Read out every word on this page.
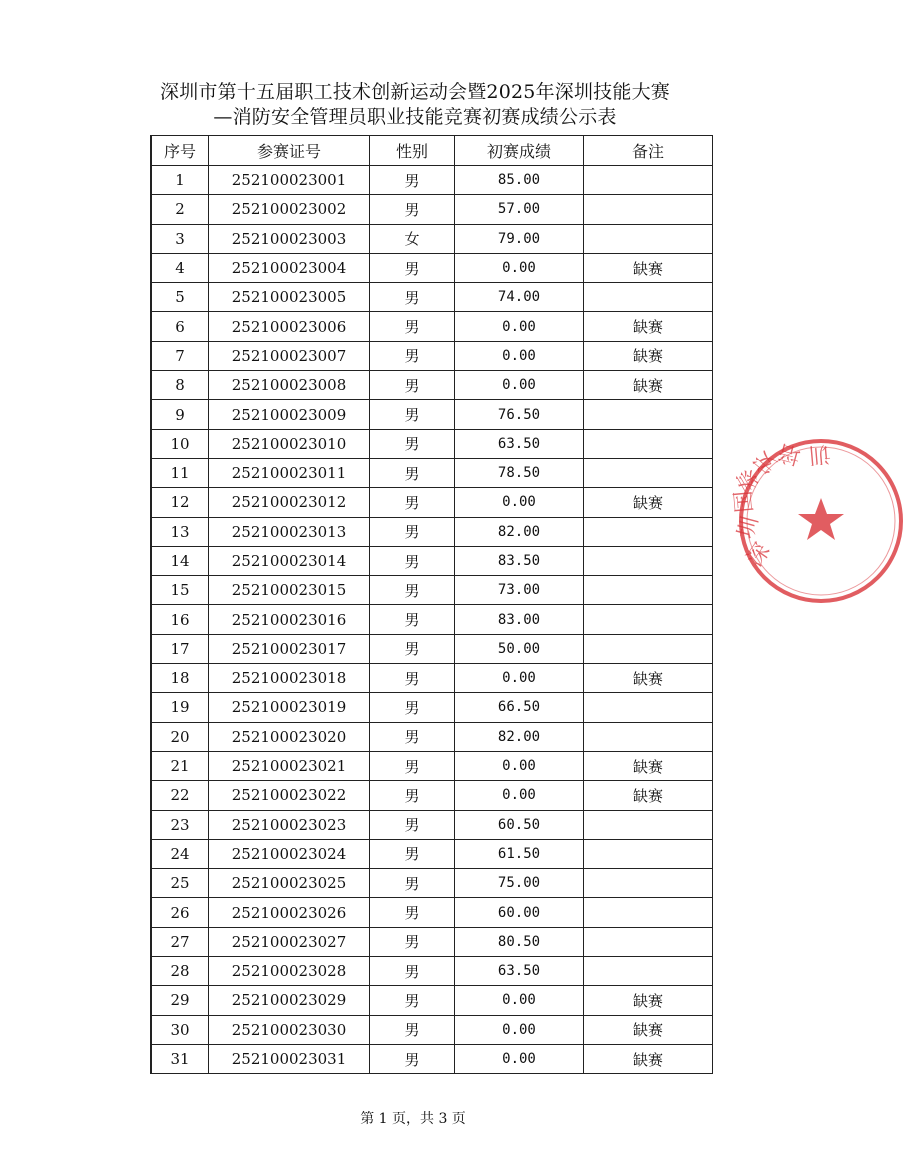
深圳市第十五届职工技术创新运动会暨2025年深圳技能大赛
—消防安全管理员职业技能竞赛初赛成绩公示表
序号	参赛证号	性别	初赛成绩	备注
1	252100023001	男	85.00	
2	252100023002	男	57.00	
3	252100023003	女	79.00	
4	252100023004	男	0.00	缺赛
5	252100023005	男	74.00	
6	252100023006	男	0.00	缺赛
7	252100023007	男	0.00	缺赛
8	252100023008	男	0.00	缺赛
9	252100023009	男	76.50	
10	252100023010	男	63.50	
11	252100023011	男	78.50	
12	252100023012	男	0.00	缺赛
13	252100023013	男	82.00	
14	252100023014	男	83.50	
15	252100023015	男	73.00	
16	252100023016	男	83.00	
17	252100023017	男	50.00	
18	252100023018	男	0.00	缺赛
19	252100023019	男	66.50	
20	252100023020	男	82.00	
21	252100023021	男	0.00	缺赛
22	252100023022	男	0.00	缺赛
23	252100023023	男	60.50	
24	252100023024	男	61.50	
25	252100023025	男	75.00	
26	252100023026	男	60.00	
27	252100023027	男	80.50	
28	252100023028	男	63.50	
29	252100023029	男	0.00	缺赛
30	252100023030	男	0.00	缺赛
31	252100023031	男	0.00	缺赛
深
圳
国
泰
安
培 训
第 1 页，共 3 页
